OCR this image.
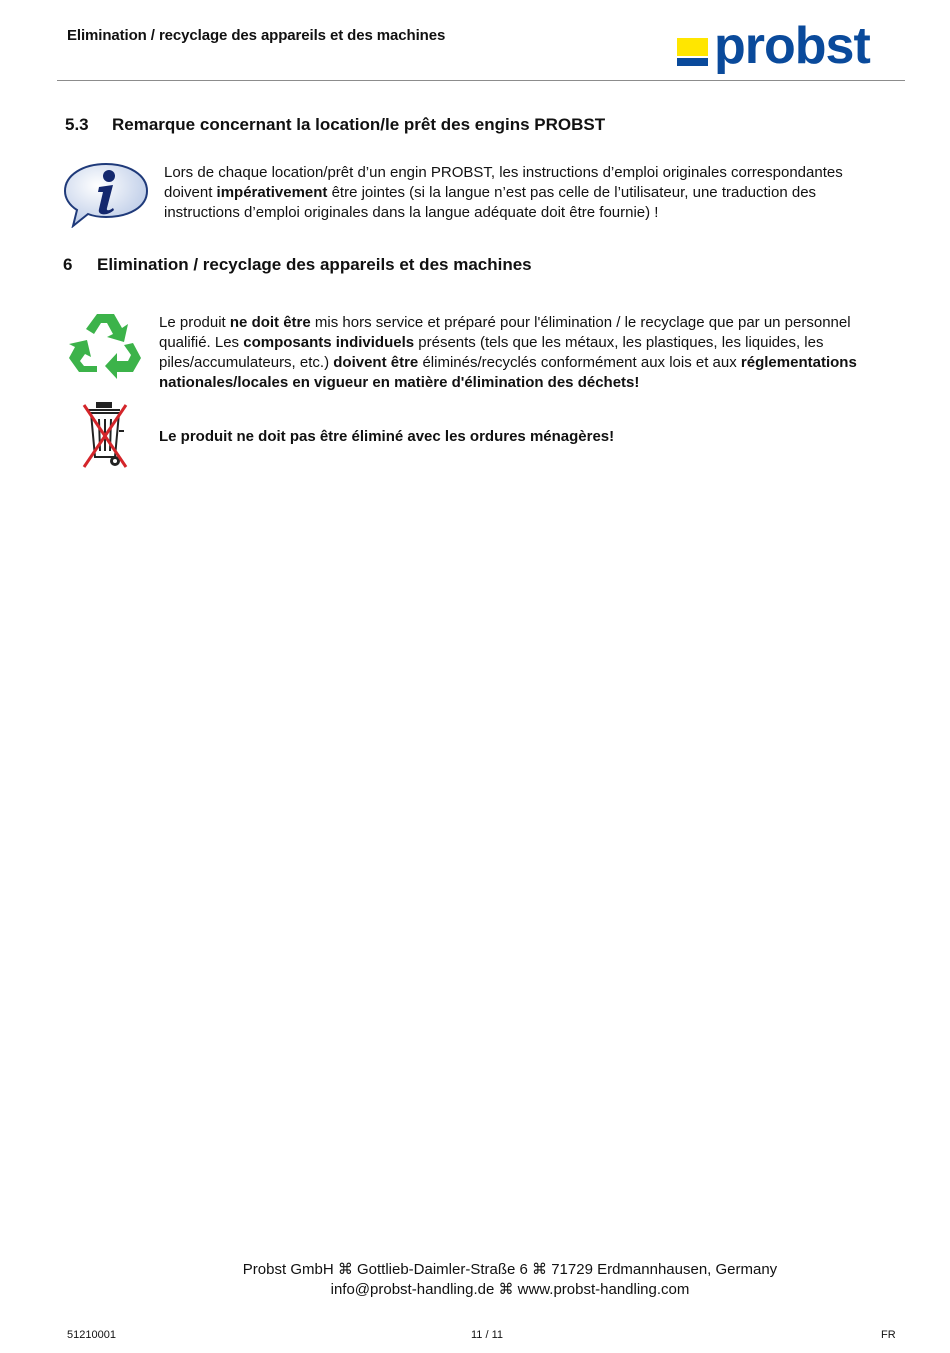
Elimination / recyclage des appareils et des machines	probst
5.3 Remarque concernant la location/le prêt des engins PROBST
Lors de chaque location/prêt d’un engin PROBST, les instructions d’emploi originales correspondantes doivent impérativement être jointes (si la langue n’est pas celle de l’utilisateur, une traduction des instructions d’emploi originales dans la langue adéquate doit être fournie) !
6 Elimination / recyclage des appareils et des machines
Le produit ne doit être mis hors service et préparé pour l'élimination / le recyclage que par un personnel qualifié. Les composants individuels présents (tels que les métaux, les plastiques, les liquides, les piles/accumulateurs, etc.) doivent être éliminés/recyclés conformément aux lois et aux réglementations nationales/locales en vigueur en matière d'élimination des déchets!
Le produit ne doit pas être éliminé avec les ordures ménagères!
Probst GmbH ⌘ Gottlieb-Daimler-Straße 6 ⌘ 71729 Erdmannhausen, Germany
info@probst-handling.de ⌘ www.probst-handling.com
51210001	11 / 11	FR
